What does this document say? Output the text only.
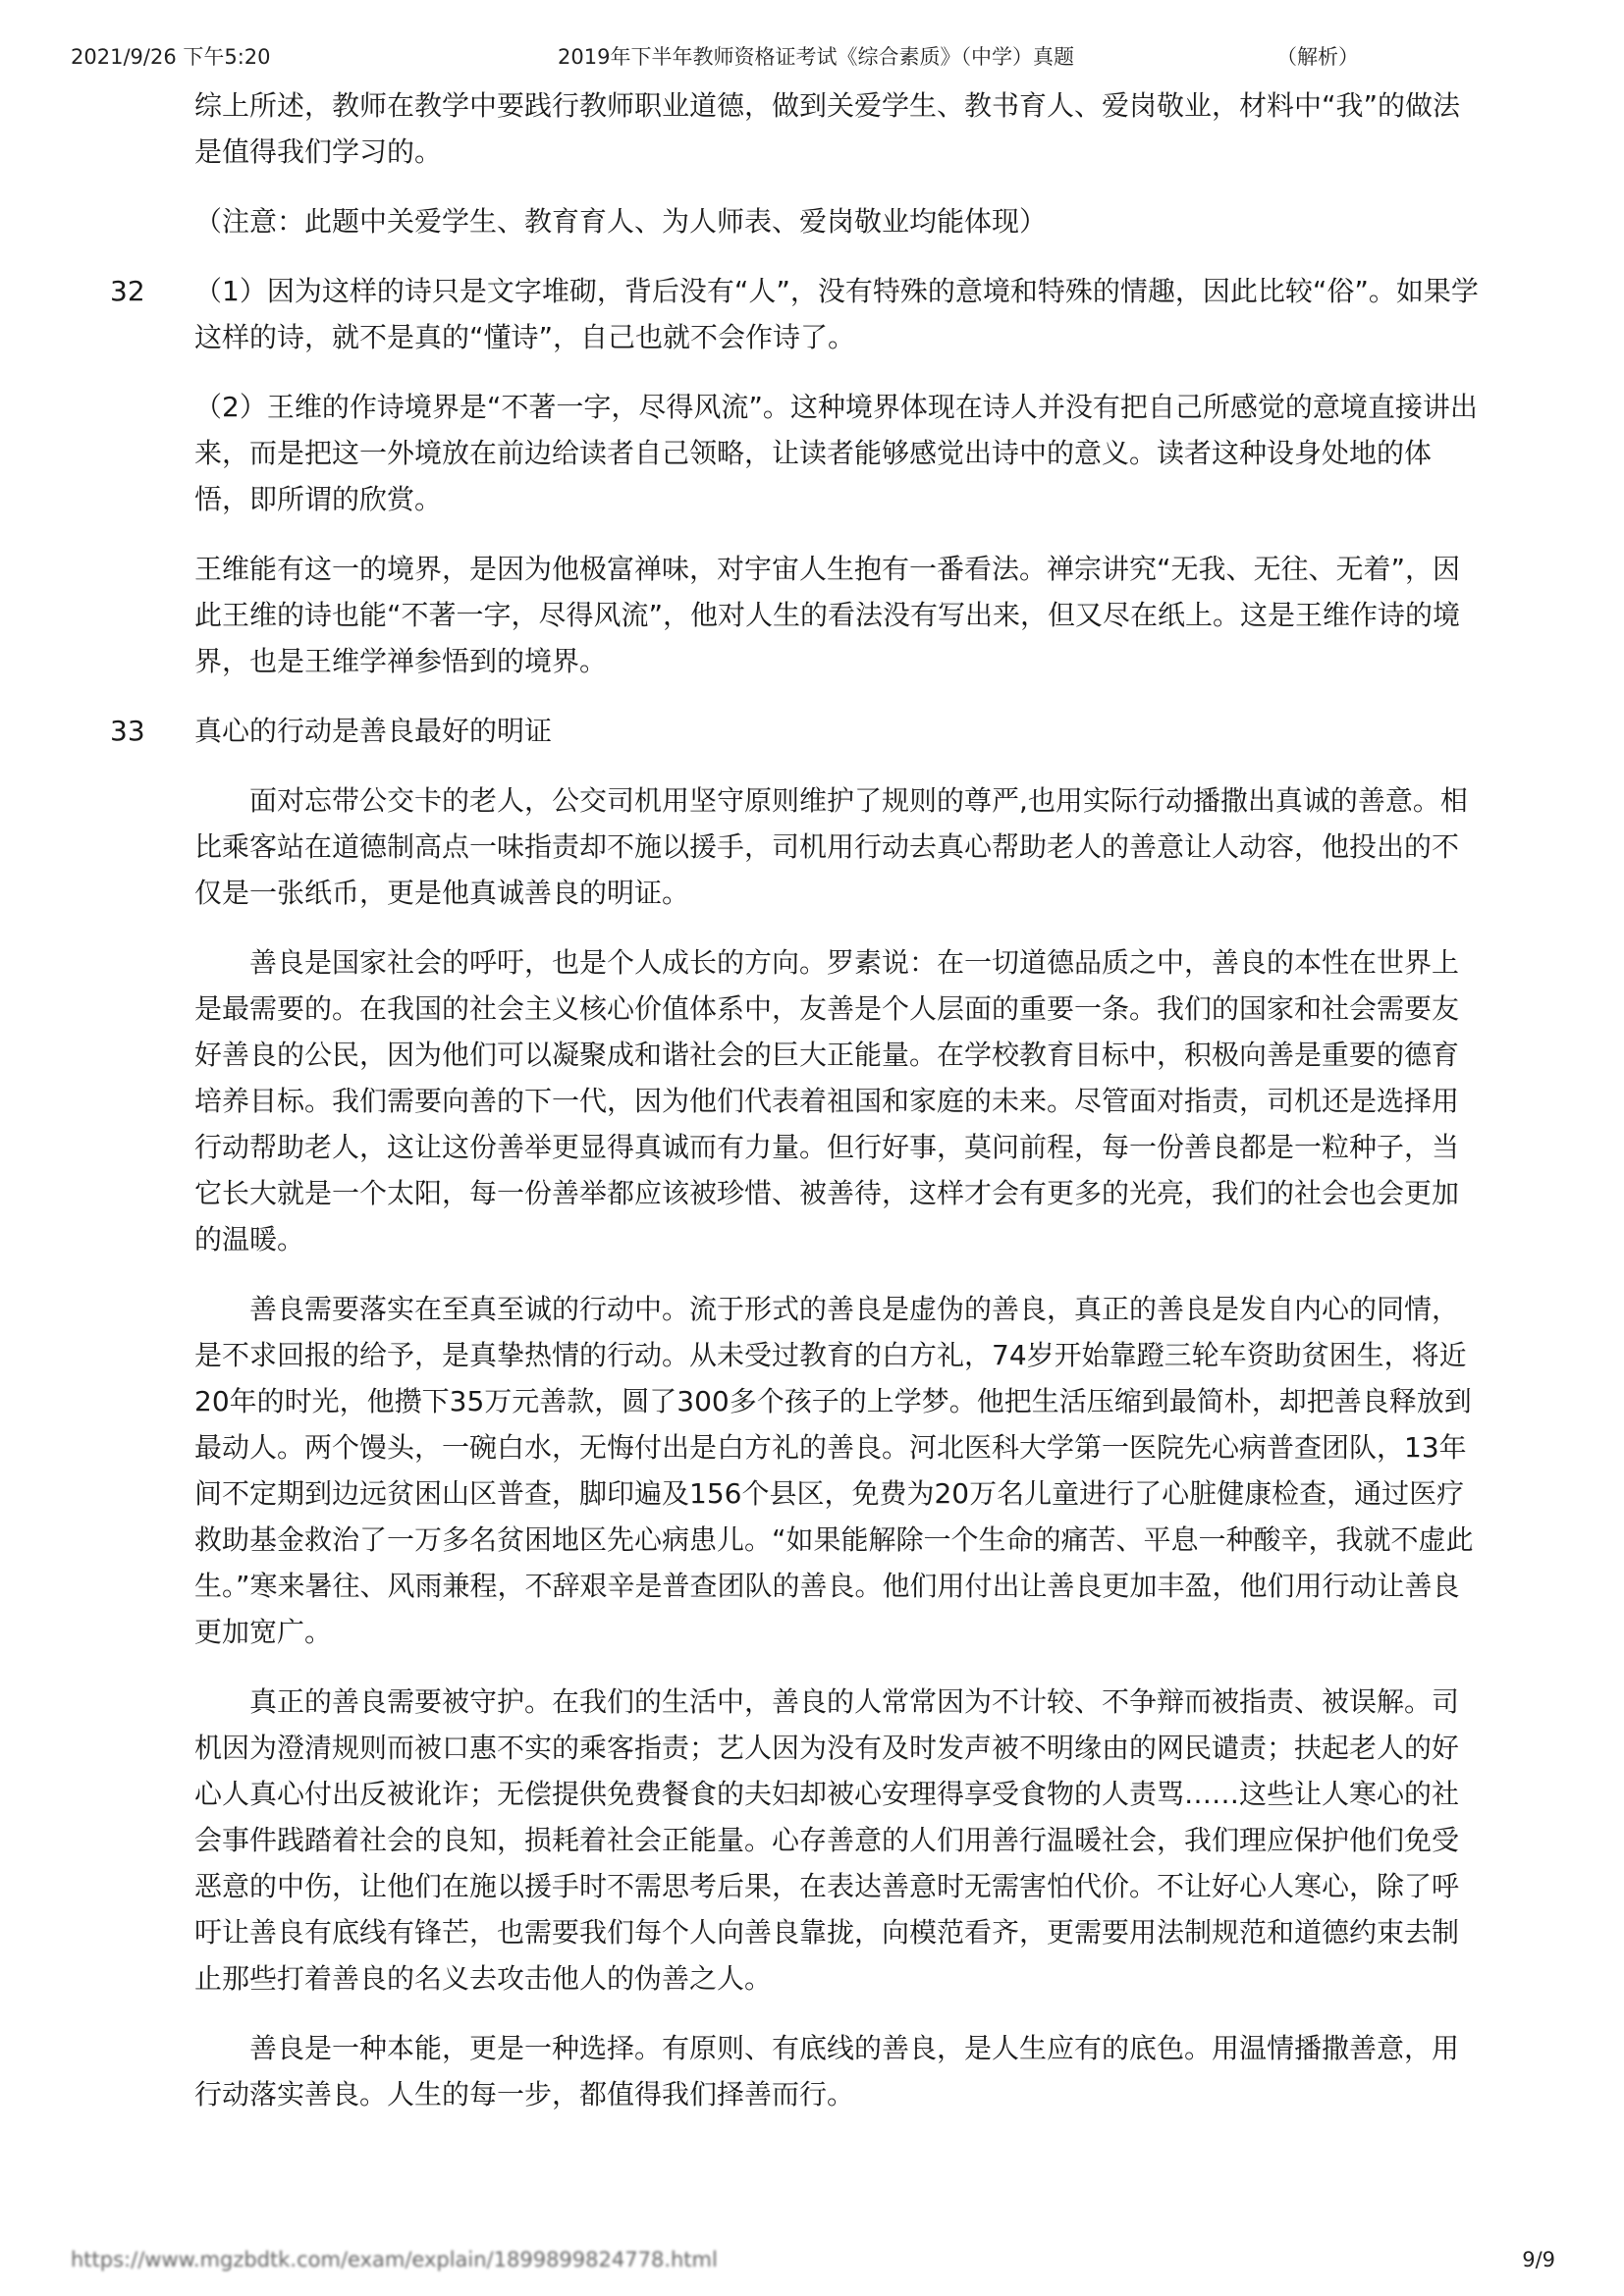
2021/9/26 下午5:20	2019年下半年教师资格证考试《综合素质》（中学）真题	（解析）

综上所述，教师在教学中要践行教师职业道德，做到关爱学生、教书育人、爱岗敬业，材料中“我”的做法是值得我们学习的。

（注意：此题中关爱学生、教育育人、为人师表、爱岗敬业均能体现）

32 （1）因为这样的诗只是文字堆砌，背后没有“人”，没有特殊的意境和特殊的情趣，因此比较“俗”。如果学这样的诗，就不是真的“懂诗”，自己也就不会作诗了。

（2）王维的作诗境界是“不著一字，尽得风流”。这种境界体现在诗人并没有把自己所感觉的意境直接讲出来，而是把这一外境放在前边给读者自己领略，让读者能够感觉出诗中的意义。读者这种设身处地的体悟，即所谓的欣赏。

王维能有这一的境界，是因为他极富禅味，对宇宙人生抱有一番看法。禅宗讲究“无我、无往、无着”，因此王维的诗也能“不著一字，尽得风流”，他对人生的看法没有写出来，但又尽在纸上。这是王维作诗的境界，也是王维学禅参悟到的境界。

33 真心的行动是善良最好的明证

面对忘带公交卡的老人，公交司机用坚守原则维护了规则的尊严,也用实际行动播撒出真诚的善意。相比乘客站在道德制高点一味指责却不施以援手，司机用行动去真心帮助老人的善意让人动容，他投出的不仅是一张纸币，更是他真诚善良的明证。

善良是国家社会的呼吁，也是个人成长的方向。罗素说：在一切道德品质之中，善良的本性在世界上是最需要的。在我国的社会主义核心价值体系中，友善是个人层面的重要一条。我们的国家和社会需要友好善良的公民，因为他们可以凝聚成和谐社会的巨大正能量。在学校教育目标中，积极向善是重要的德育培养目标。我们需要向善的下一代，因为他们代表着祖国和家庭的未来。尽管面对指责，司机还是选择用行动帮助老人，这让这份善举更显得真诚而有力量。但行好事，莫问前程，每一份善良都是一粒种子，当它长大就是一个太阳，每一份善举都应该被珍惜、被善待，这样才会有更多的光亮，我们的社会也会更加的温暖。

善良需要落实在至真至诚的行动中。流于形式的善良是虚伪的善良，真正的善良是发自内心的同情，是不求回报的给予，是真挚热情的行动。从未受过教育的白方礼，74岁开始靠蹬三轮车资助贫困生，将近20年的时光，他攒下35万元善款，圆了300多个孩子的上学梦。他把生活压缩到最简朴，却把善良释放到最动人。两个馒头，一碗白水，无悔付出是白方礼的善良。河北医科大学第一医院先心病普查团队，13年间不定期到边远贫困山区普查，脚印遍及156个县区，免费为20万名儿童进行了心脏健康检查，通过医疗救助基金救治了一万多名贫困地区先心病患儿。“如果能解除一个生命的痛苦、平息一种酸辛，我就不虚此生。”寒来暑往、风雨兼程，不辞艰辛是普查团队的善良。他们用付出让善良更加丰盈，他们用行动让善良更加宽广。

真正的善良需要被守护。在我们的生活中，善良的人常常因为不计较、不争辩而被指责、被误解。司机因为澄清规则而被口惠不实的乘客指责；艺人因为没有及时发声被不明缘由的网民谴责；扶起老人的好心人真心付出反被讹诈；无偿提供免费餐食的夫妇却被心安理得享受食物的人责骂……这些让人寒心的社会事件践踏着社会的良知，损耗着社会正能量。心存善意的人们用善行温暖社会，我们理应保护他们免受恶意的中伤，让他们在施以援手时不需思考后果，在表达善意时无需害怕代价。不让好心人寒心，除了呼吁让善良有底线有锋芒，也需要我们每个人向善良靠拢，向模范看齐，更需要用法制规范和道德约束去制止那些打着善良的名义去攻击他人的伪善之人。

善良是一种本能，更是一种选择。有原则、有底线的善良，是人生应有的底色。用温情播撒善意，用行动落实善良。人生的每一步，都值得我们择善而行。

https://www.mgzbdtk.com/exam/explain/1899899824778.html	9/9
